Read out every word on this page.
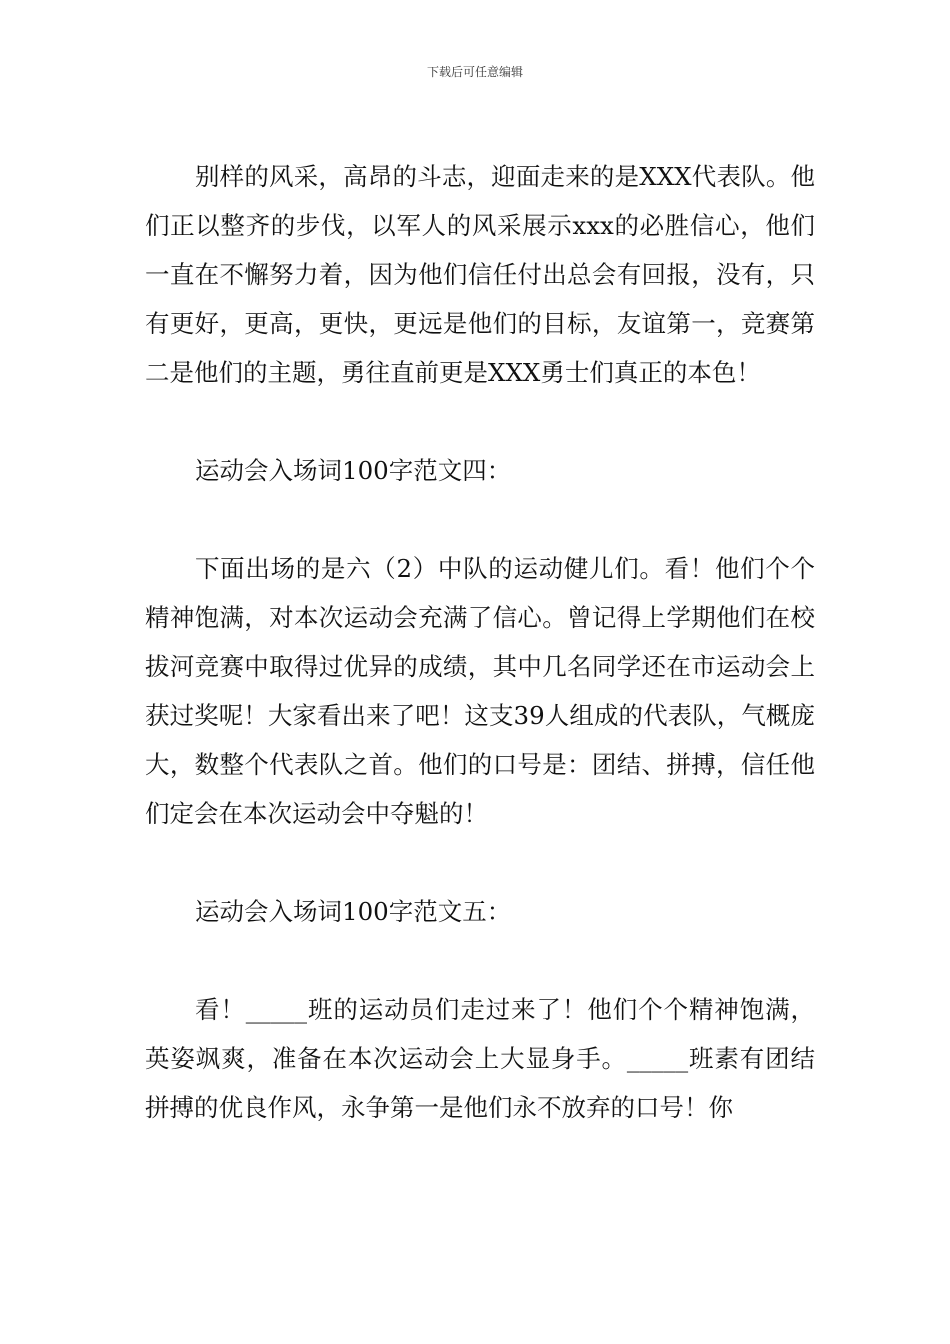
下载后可任意编辑

别样的风采，高昂的斗志，迎面走来的是XXX代表队。他们正以整齐的步伐，以军人的风采展示xxx的必胜信心，他们一直在不懈努力着，因为他们信任付出总会有回报，没有，只有更好，更高，更快，更远是他们的目标，友谊第一，竞赛第二是他们的主题，勇往直前更是XXX勇士们真正的本色！

运动会入场词100字范文四：

下面出场的是六（2）中队的运动健儿们。看！他们个个精神饱满，对本次运动会充满了信心。曾记得上学期他们在校拔河竞赛中取得过优异的成绩，其中几名同学还在市运动会上获过奖呢！大家看出来了吧！这支39人组成的代表队，气概庞大，数整个代表队之首。他们的口号是：团结、拼搏，信任他们定会在本次运动会中夺魁的！

运动会入场词100字范文五：

看！_____班的运动员们走过来了！他们个个精神饱满，英姿飒爽，准备在本次运动会上大显身手。_____班素有团结拼搏的优良作风，永争第一是他们永不放弃的口号！你
